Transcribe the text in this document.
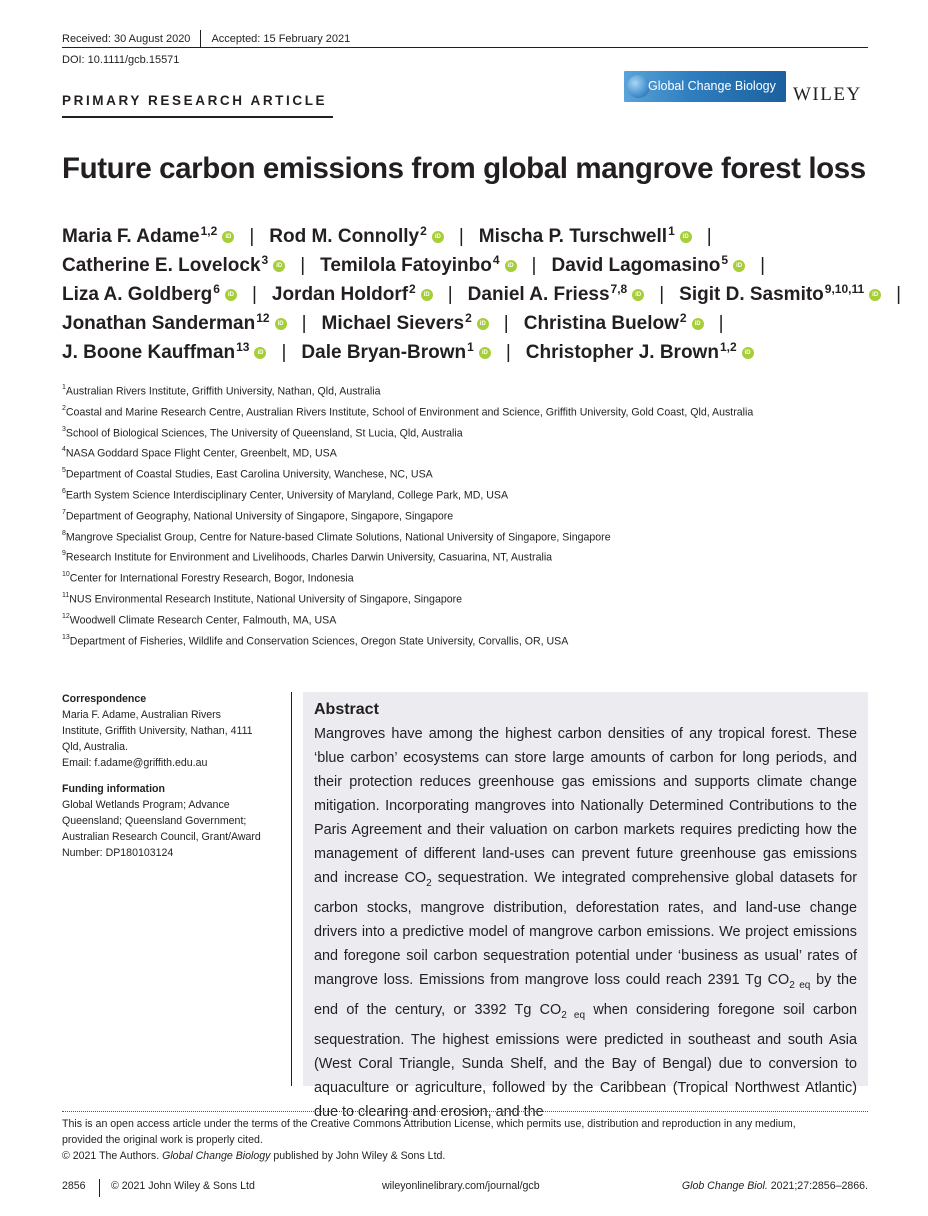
Received: 30 August 2020 Accepted: 15 February 2021
DOI: 10.1111/gcb.15571
PRIMARY RESEARCH ARTICLE
Global Change Biology WILEY
Future carbon emissions from global mangrove forest loss
Maria F. Adame$^{1,2}$ iD | Rod M. Connolly$^2$ iD | Mischa P. Turschwell$^1$ iD |
Catherine E. Lovelock$^3$ iD | Temilola Fatoyinbo$^4$ iD | David Lagomasino$^5$ iD |
Liza A. Goldberg$^6$ iD | Jordan Holdorf$^2$ iD | Daniel A. Friess$^{7,8}$ iD | Sigit D. Sasmito$^{9,10,11}$ iD |
Jonathan Sanderman$^{12}$ iD | Michael Sievers$^2$ iD | Christina Buelow$^2$ iD |
J. Boone Kauffman$^{13}$ iD | Dale Bryan-Brown$^1$ iD | Christopher J. Brown$^{1,2}$
iD
$^1$Australian Rivers Institute, Griffith University, Nathan, Qld, Australia
$^2$Coastal and Marine Research Centre, Australian Rivers Institute, School of Environment and Science, Griffith University, Gold Coast, Qld, Australia
$^3$School of Biological Sciences, The University of Queensland, St Lucia, Qld, Australia
$^4$NASA Goddard Space Flight Center, Greenbelt, MD, USA
$^5$Department of Coastal Studies, East Carolina University, Wanchese, NC, USA
$^6$Earth System Science Interdisciplinary Center, University of Maryland, College Park, MD, USA
$^7$Department of Geography, National University of Singapore, Singapore, Singapore
$^8$Mangrove Specialist Group, Centre for Nature-based Climate Solutions, National University of Singapore, Singapore
$^9$Research Institute for Environment and Livelihoods, Charles Darwin University, Casuarina, NT, Australia
$^{10}$Center for International Forestry Research, Bogor, Indonesia
$^{11}$NUS Environmental Research Institute, National University of Singapore, Singapore
$^{12}$Woodwell Climate Research Center, Falmouth, MA, USA
$^{13}$Department of Fisheries, Wildlife and Conservation Sciences, Oregon State University, Corvallis, OR, USA
Correspondence
Maria F. Adame, Australian Rivers
Institute, Griffith University, Nathan, 4111
Qld, Australia.
Email: f.adame@griffith.edu.au
Funding information
Global Wetlands Program; Advance
Queensland; Queensland Government;
Australian Research Council, Grant/Award
Number: DP180103124
Abstract
Mangroves have among the highest carbon densities of any tropical forest. These ‘blue carbon’ ecosystems can store large amounts of carbon for long periods, and their protection reduces greenhouse gas emissions and supports climate change mitigation. Incorporating mangroves into Nationally Determined Contributions to the Paris Agreement and their valuation on carbon markets requires predicting how the management of different land-uses can prevent future greenhouse gas emissions and increase $CO_2$ sequestration. We integrated comprehensive global datasets for carbon stocks, mangrove distribution, deforestation rates, and land-use change drivers into a predictive model of mangrove carbon emissions. We project emissions and foregone soil carbon sequestration potential under ‘business as usual’ rates of mangrove loss. Emissions from mangrove loss could reach 2391 Tg $CO_{2 eq}$ by the end of the century, or 3392 Tg $CO_{2 eq}$ when considering foregone soil carbon sequestration. The highest emissions were predicted in southeast and south Asia (West Coral Triangle, Sunda Shelf, and the Bay of Bengal) due to conversion to aquaculture or agriculture, followed by the Caribbean (Tropical Northwest Atlantic) due to clearing and erosion, and the
This is an open access article under the terms of the Creative Commons Attribution License, which permits use, distribution and reproduction in any medium,
provided the original work is properly cited.
© 2021 The Authors. Global Change Biology published by John Wiley & Sons Ltd.
2856 © 2021 John Wiley & Sons Ltd	wileyonlinelibrary.com/journal/gcb	Glob Change Biol. 2021;27:2856–2866.
